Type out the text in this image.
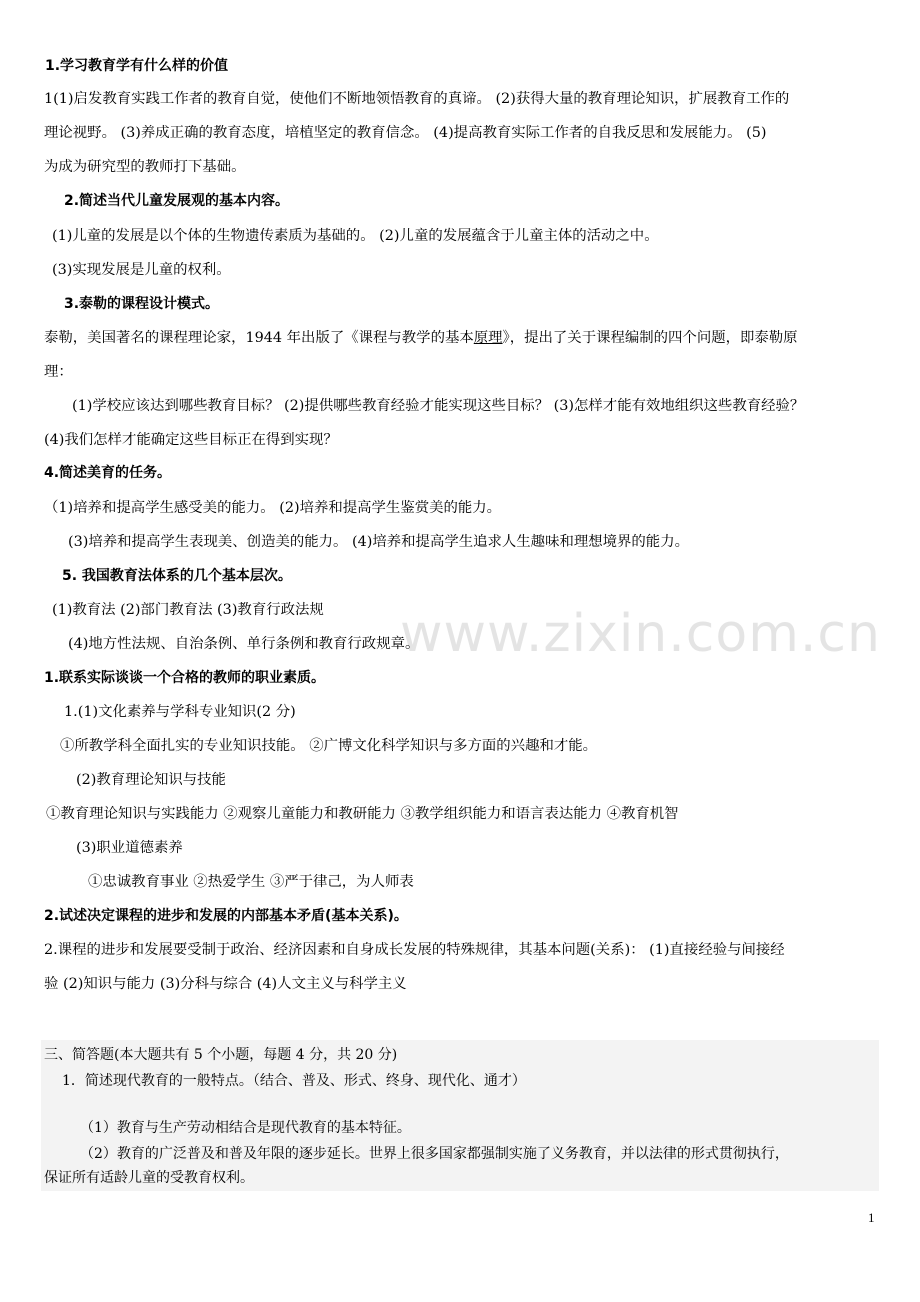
www.zixin.com.cn
1.学习教育学有什么样的价值
1(1)启发教育实践工作者的教育自觉，使他们不断地领悟教育的真谛。 (2)获得大量的教育理论知识，扩展教育工作的
理论视野。 (3)养成正确的教育态度，培植坚定的教育信念。 (4)提高教育实际工作者的自我反思和发展能力。 (5)
为成为研究型的教师打下基础。
2.简述当代儿童发展观的基本内容。
(1)儿童的发展是以个体的生物遗传素质为基础的。 (2)儿童的发展蕴含于儿童主体的活动之中。
(3)实现发展是儿童的权利。
3.泰勒的课程设计模式。
泰勒，美国著名的课程理论家，1944 年出版了《课程与教学的基本原理》，提出了关于课程编制的四个问题，即泰勒原
理：
(1)学校应该达到哪些教育目标？ (2)提供哪些教育经验才能实现这些目标？ (3)怎样才能有效地组织这些教育经验？
(4)我们怎样才能确定这些目标正在得到实现？
4.简述美育的任务。
（1)培养和提高学生感受美的能力。 (2)培养和提高学生鉴赏美的能力。
(3)培养和提高学生表现美、创造美的能力。 (4)培养和提高学生追求人生趣味和理想境界的能力。
5. 我国教育法体系的几个基本层次。
(1)教育法 (2)部门教育法 (3)教育行政法规
(4)地方性法规、自治条例、单行条例和教育行政规章。
1.联系实际谈谈一个合格的教师的职业素质。
1.(1)文化素养与学科专业知识(2 分)
①所教学科全面扎实的专业知识技能。 ②广博文化科学知识与多方面的兴趣和才能。
(2)教育理论知识与技能
①教育理论知识与实践能力 ②观察儿童能力和教研能力 ③教学组织能力和语言表达能力 ④教育机智
(3)职业道德素养
①忠诚教育事业 ②热爱学生 ③严于律己，为人师表
2.试述决定课程的进步和发展的内部基本矛盾(基本关系)。
2.课程的进步和发展要受制于政治、经济因素和自身成长发展的特殊规律，其基本问题(关系)： (1)直接经验与间接经
验 (2)知识与能力 (3)分科与综合 (4)人文主义与科学主义
三、简答题(本大题共有 5 个小题，每题 4 分，共 20 分)
1．简述现代教育的一般特点。（结合、普及、形式、终身、现代化、通才）
（1）教育与生产劳动相结合是现代教育的基本特征。
（2）教育的广泛普及和普及年限的逐步延长。世界上很多国家都强制实施了义务教育，并以法律的形式贯彻执行，
保证所有适龄儿童的受教育权利。
1
